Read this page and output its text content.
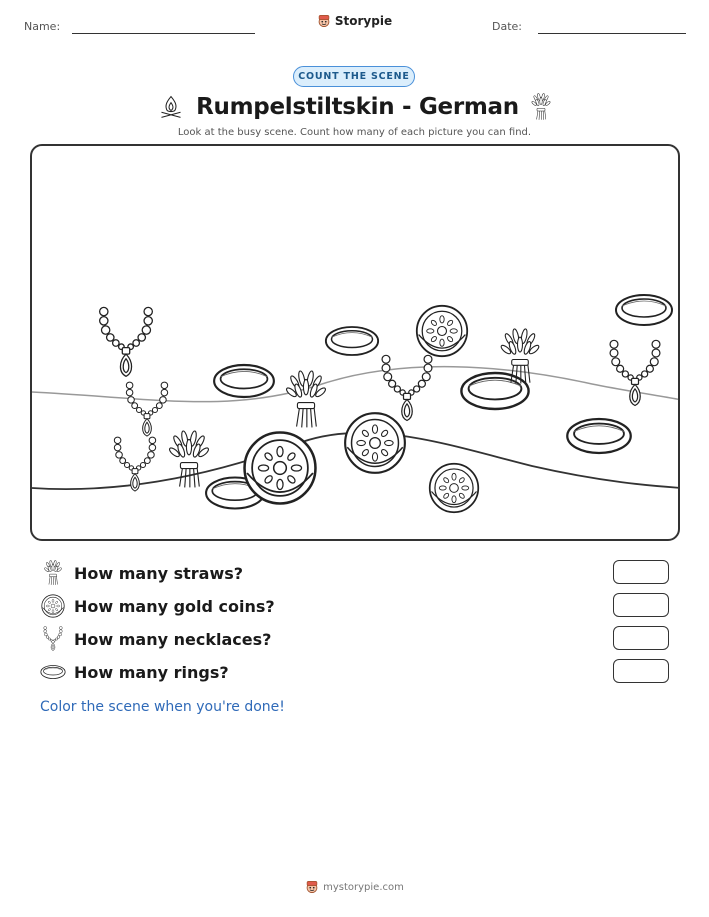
Name:	Storypie	Date:
COUNT THE SCENE
Rumpelstiltskin - German
Look at the busy scene. Count how many of each picture you can find.
How many straws?
How many gold coins?
How many necklaces?
How many rings?
Color the scene when you're done!
mystorypie.com
